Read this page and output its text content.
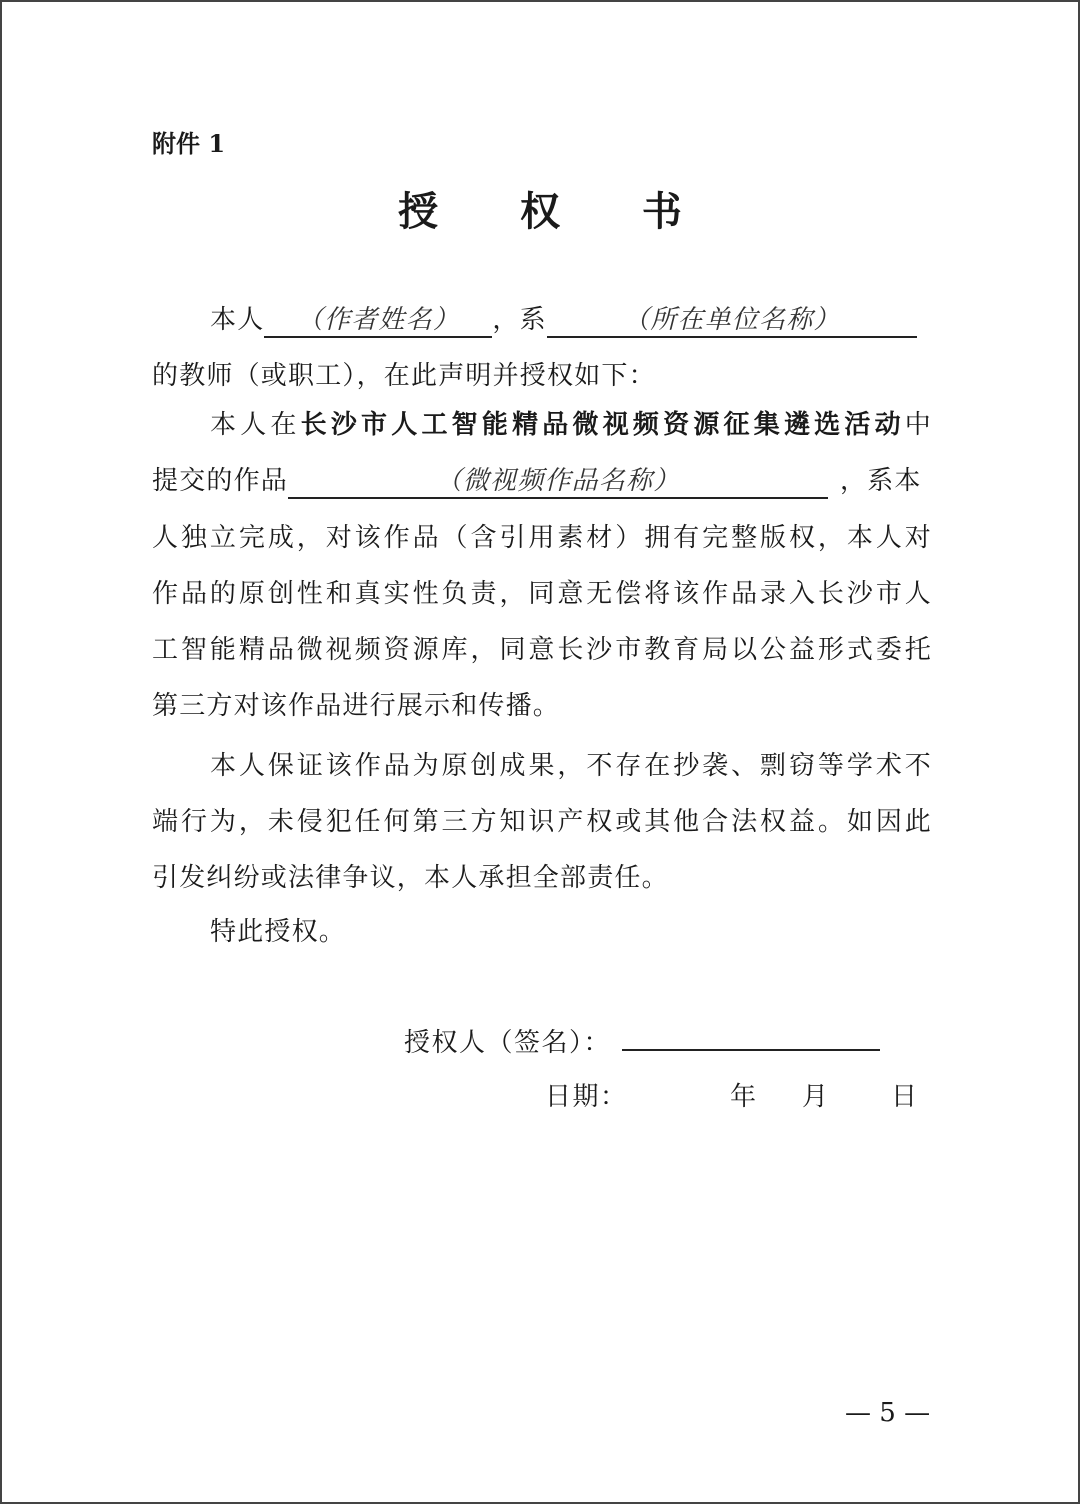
附件 1
授 权 书
本人 （作者姓名） ，系	（所在单位名称）
的教师（或职工），在此声明并授权如下：
本人在长沙市人工智能精品微视频资源征集遴选活动中
提交的作品	（微视频作品名称）	，系本
人独立完成，对该作品（含引用素材）拥有完整版权，本人对
作品的原创性和真实性负责，同意无偿将该作品录入长沙市人
工智能精品微视频资源库，同意长沙市教育局以公益形式委托
第三方对该作品进行展示和传播。
本人保证该作品为原创成果，不存在抄袭、剽窃等学术不
端行为，未侵犯任何第三方知识产权或其他合法权益。如因此
引发纠纷或法律争议，本人承担全部责任。
特此授权。
授权人（签名）：
日期：	年 月 日
— 5 —
